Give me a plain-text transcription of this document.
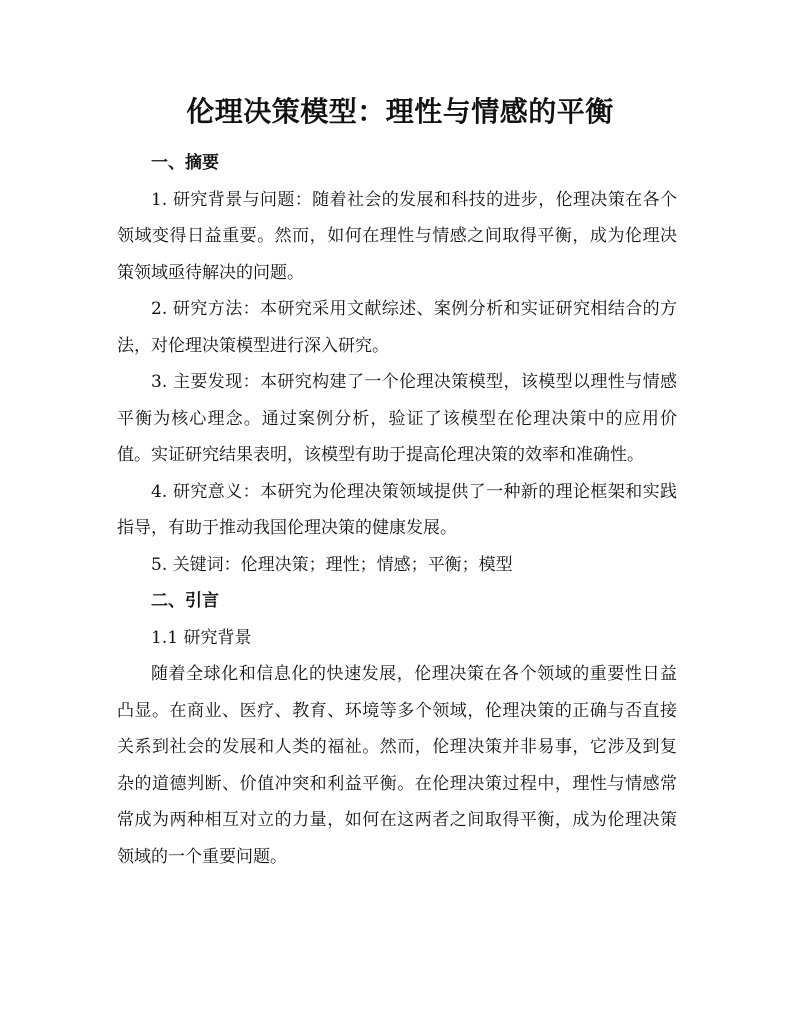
伦理决策模型：理性与情感的平衡

一、摘要

1. 研究背景与问题：随着社会的发展和科技的进步，伦理决策在各个领域变得日益重要。然而，如何在理性与情感之间取得平衡，成为伦理决策领域亟待解决的问题。

2. 研究方法：本研究采用文献综述、案例分析和实证研究相结合的方法，对伦理决策模型进行深入研究。

3. 主要发现：本研究构建了一个伦理决策模型，该模型以理性与情感平衡为核心理念。通过案例分析，验证了该模型在伦理决策中的应用价值。实证研究结果表明，该模型有助于提高伦理决策的效率和准确性。

4. 研究意义：本研究为伦理决策领域提供了一种新的理论框架和实践指导，有助于推动我国伦理决策的健康发展。

5. 关键词：伦理决策；理性；情感；平衡；模型

二、引言

1.1 研究背景

随着全球化和信息化的快速发展，伦理决策在各个领域的重要性日益凸显。在商业、医疗、教育、环境等多个领域，伦理决策的正确与否直接关系到社会的发展和人类的福祉。然而，伦理决策并非易事，它涉及到复杂的道德判断、价值冲突和利益平衡。在伦理决策过程中，理性与情感常常成为两种相互对立的力量，如何在这两者之间取得平衡，成为伦理决策领域的一个重要问题。
